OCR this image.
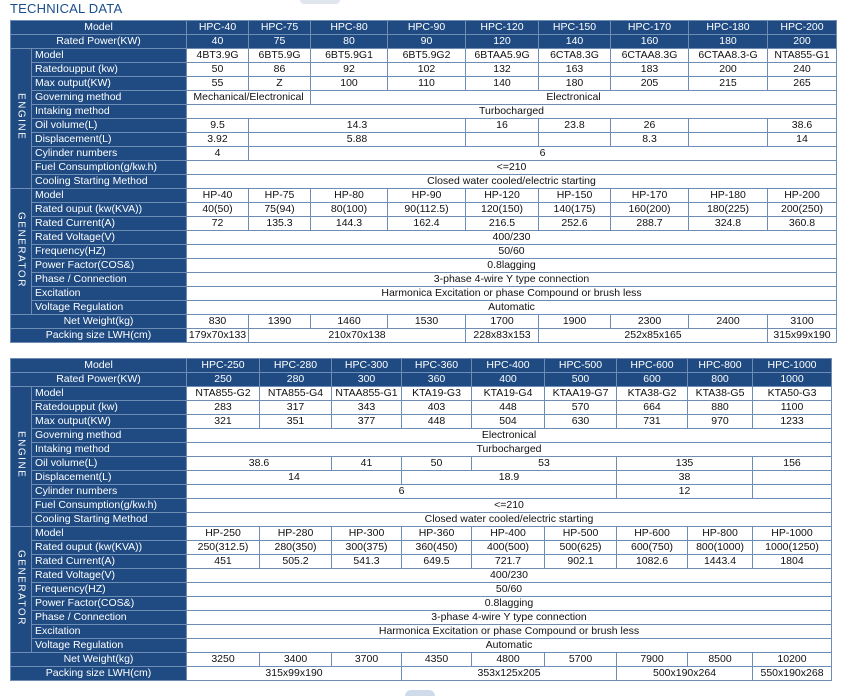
TECHNICAL DATA
Model		HPC-40	HPC-75	HPC-80	HPC-90	HPC-120	HPC-150	HPC-170	HPC-180	HPC-200
Rated Power(KW)		40	75	80	90	120	140	160	180	200
ENGINE	Model	4BT3.9G	6BT5.9G	6BT5.9G1	6BT5.9G2	6BTAA5.9G	6CTA8.3G	6CTAA8.3G	6CTAA8.3-G	NTA855-G1
	Ratedoupput (kw)	50	86	92	102	132	163	183	200	240
	Max output(KW)	55	Z	100	110	140	180	205	215	265
	Governing method	Mechanical/Electronical		Electronical						
	Intaking method	Turbocharged								
	Oil volume(L)	9.5	14.3			16	23.8	26		38.6
	Displacement(L)	3.92	5.88					8.3		14
	Cylinder numbers	4	6							
	Fuel Consumption(g/kw.h)	<=210								
	Cooling Starting Method	Closed water cooled/electric starting								
GENERATOR	Model	HP-40	HP-75	HP-80	HP-90	HP-120	HP-150	HP-170	HP-180	HP-200
	Rated ouput (kw(KVA))	40(50)	75(94)	80(100)	90(112.5)	120(150)	140(175)	160(200)	180(225)	200(250)
	Rated Current(A)	72	135.3	144.3	162.4	216.5	252.6	288.7	324.8	360.8
	Rated Voltage(V)	400/230								
	Frequency(HZ)	50/60								
	Power Factor(COS&)	0.8lagging								
	Phase / Connection	3-phase 4-wire Y type connection								
	Excitation	Harmonica Excitation or phase Compound or brush less								
	Voltage Regulation	Automatic								
Net Weight(kg)		830	1390	1460	1530	1700	1900	2300	2400	3100
Packing size LWH(cm)		179x70x133	210x70x138			228x83x153	252x85x165			315x99x190
Model		HPC-250	HPC-280	HPC-300	HPC-360	HPC-400	HPC-500	HPC-600	HPC-800	HPC-1000
Rated Power(KW)		250	280	300	360	400	500	600	800	1000
ENGINE	Model	NTA855-G2	NTA855-G4	NTAA855-G1	KTA19-G3	KTA19-G4	KTAA19-G7	KTA38-G2	KTA38-G5	KTA50-G3
	Ratedoupput (kw)	283	317	343	403	448	570	664	880	1100
	Max output(KW)	321	351	377	448	504	630	731	970	1233
	Governing method	Electronical								
	Intaking method	Turbocharged								
	Oil volume(L)	38.6		41	50	53		135		156
	Displacement(L)	14			18.9			38		
	Cylinder numbers	6						12		
	Fuel Consumption(g/kw.h)	<=210								
	Cooling Starting Method	Closed water cooled/electric starting								
GENERATOR	Model	HP-250	HP-280	HP-300	HP-360	HP-400	HP-500	HP-600	HP-800	HP-1000
	Rated ouput (kw(KVA))	250(312.5)	280(350)	300(375)	360(450)	400(500)	500(625)	600(750)	800(1000)	1000(1250)
	Rated Current(A)	451	505.2	541.3	649.5	721.7	902.1	1082.6	1443.4	1804
	Rated Voltage(V)	400/230								
	Frequency(HZ)	50/60								
	Power Factor(COS&)	0.8lagging								
	Phase / Connection	3-phase 4-wire Y type connection								
	Excitation	Harmonica Excitation or phase Compound or brush less								
	Voltage Regulation	Automatic								
Net Weight(kg)		3250	3400	3700	4350	4800	5700	7900	8500	10200
Packing size LWH(cm)		315x99x190			353x125x205			500x190x264		550x190x268
